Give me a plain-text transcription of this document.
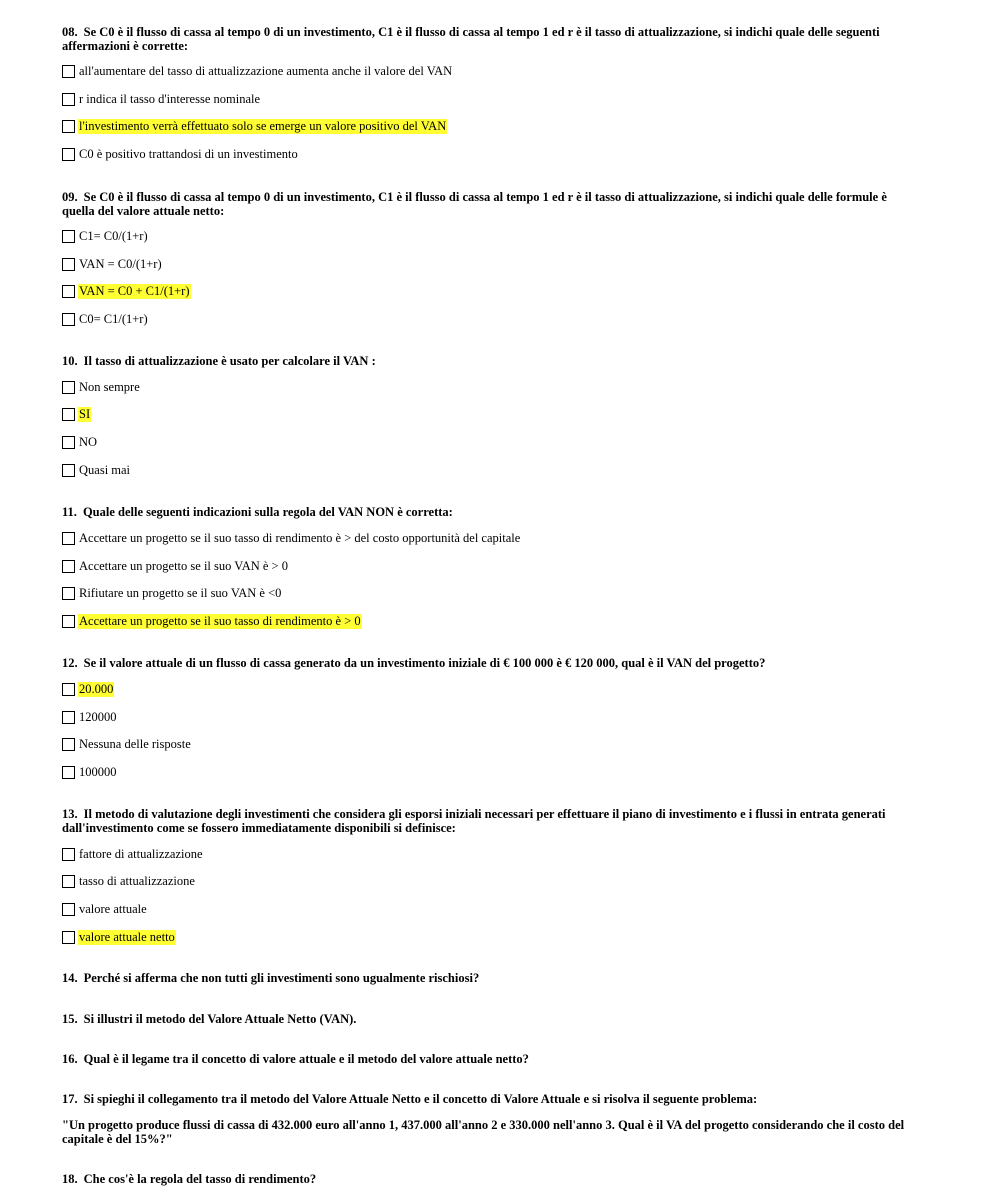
08. Se C0 è il flusso di cassa al tempo 0 di un investimento, C1 è il flusso di cassa al tempo 1 ed r è il tasso di attualizzazione, si indichi quale delle seguenti affermazioni è corrette:
all'aumentare del tasso di attualizzazione aumenta anche il valore del VAN
r indica il tasso d'interesse nominale
l'investimento verrà effettuato solo se emerge un valore positivo del VAN
C0 è positivo trattandosi di un investimento
09. Se C0 è il flusso di cassa al tempo 0 di un investimento, C1 è il flusso di cassa al tempo 1 ed r è il tasso di attualizzazione, si indichi quale delle formule è quella del valore attuale netto:
C1= C0/(1+r)
VAN = C0/(1+r)
VAN = C0 + C1/(1+r)
C0= C1/(1+r)
10. Il tasso di attualizzazione è usato per calcolare il VAN :
Non sempre
SI
NO
Quasi mai
11. Quale delle seguenti indicazioni sulla regola del VAN NON è corretta:
Accettare un progetto se il suo tasso di rendimento è > del costo opportunità del capitale
Accettare un progetto se il suo VAN è > 0
Rifiutare un progetto se il suo VAN è <0
Accettare un progetto se il suo tasso di rendimento è > 0
12. Se il valore attuale di un flusso di cassa generato da un investimento iniziale di € 100 000 è € 120 000, qual è il VAN del progetto?
20.000
120000
Nessuna delle risposte
100000
13. Il metodo di valutazione degli investimenti che considera gli esporsi iniziali necessari per effettuare il piano di investimento e i flussi in entrata generati dall'investimento come se fossero immediatamente disponibili si definisce:
fattore di attualizzazione
tasso di attualizzazione
valore attuale
valore attuale netto
14. Perché si afferma che non tutti gli investimenti sono ugualmente rischiosi?
15. Si illustri il metodo del Valore Attuale Netto (VAN).
16. Qual è il legame tra il concetto di valore attuale e il metodo del valore attuale netto?
17. Si spieghi il collegamento tra il metodo del Valore Attuale Netto e il concetto di Valore Attuale e si risolva il seguente problema:
"Un progetto produce flussi di cassa di 432.000 euro all'anno 1, 437.000 all'anno 2 e 330.000 nell'anno 3. Qual è il VA del progetto considerando che il costo del capitale è del 15%?"
18. Che cos'è la regola del tasso di rendimento?
